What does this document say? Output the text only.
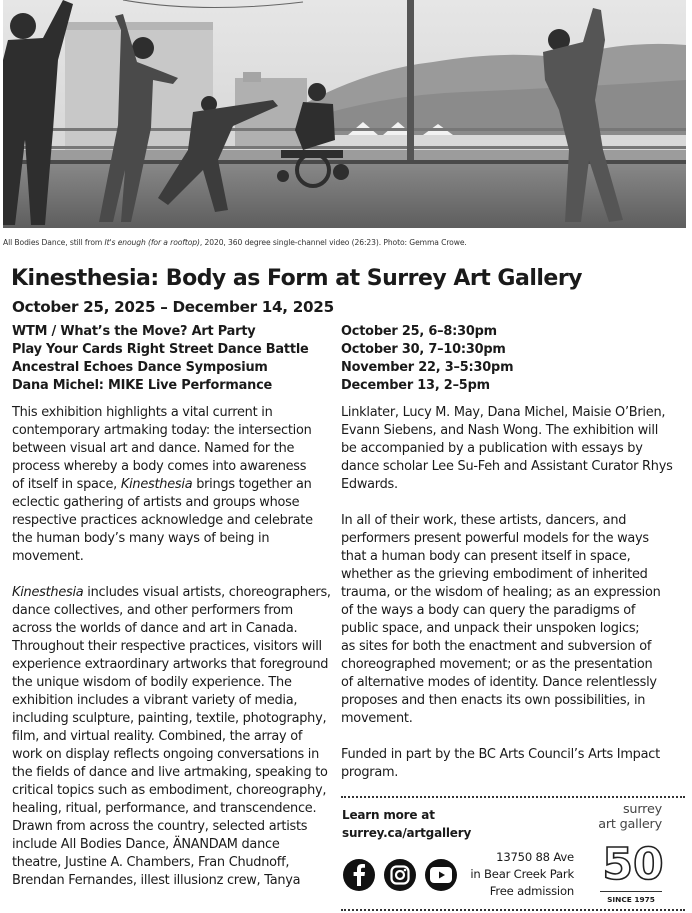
All Bodies Dance, still from It's enough (for a rooftop), 2020, 360 degree single-channel video (26:23). Photo: Gemma Crowe.
Kinesthesia: Body as Form at Surrey Art Gallery
October 25, 2025 – December 14, 2025
WTM / What’s the Move? Art Party
Play Your Cards Right Street Dance Battle
Ancestral Echoes Dance Symposium
Dana Michel: MIKE Live Performance
October 25, 6–8:30pm
October 30, 7–10:30pm
November 22, 3–5:30pm
December 13, 2–5pm

This exhibition highlights a vital current in
contemporary artmaking today: the intersection
between visual art and dance. Named for the
process whereby a body comes into awareness
of itself in space, Kinesthesia brings together an
eclectic gathering of artists and groups whose
respective practices acknowledge and celebrate
the human body’s many ways of being in
movement.

Kinesthesia includes visual artists, choreographers,
dance collectives, and other performers from
across the worlds of dance and art in Canada.
Throughout their respective practices, visitors will
experience extraordinary artworks that foreground
the unique wisdom of bodily experience. The
exhibition includes a vibrant variety of media,
including sculpture, painting, textile, photography,
film, and virtual reality. Combined, the array of
work on display reflects ongoing conversations in
the fields of dance and live artmaking, speaking to
critical topics such as embodiment, choreography,
healing, ritual, performance, and transcendence.
Drawn from across the country, selected artists
include All Bodies Dance, ÄNANDAM dance
theatre, Justine A. Chambers, Fran Chudnoff,
Brendan Fernandes, illest illusionz crew, Tanya

Linklater, Lucy M. May, Dana Michel, Maisie O’Brien,
Evann Siebens, and Nash Wong. The exhibition will
be accompanied by a publication with essays by
dance scholar Lee Su-Feh and Assistant Curator Rhys
Edwards.

In all of their work, these artists, dancers, and
performers present powerful models for the ways
that a human body can present itself in space,
whether as the grieving embodiment of inherited
trauma, or the wisdom of healing; as an expression
of the ways a body can query the paradigms of
public space, and unpack their unspoken logics;
as sites for both the enactment and subversion of
choreographed movement; or as the presentation
of alternative modes of identity. Dance relentlessly
proposes and then enacts its own possibilities, in
movement.

Funded in part by the BC Arts Council’s Arts Impact
program.

Learn more at
surrey.ca/artgallery
13750 88 Ave
in Bear Creek Park
Free admission
surrey
art gallery
50
SINCE 1975
